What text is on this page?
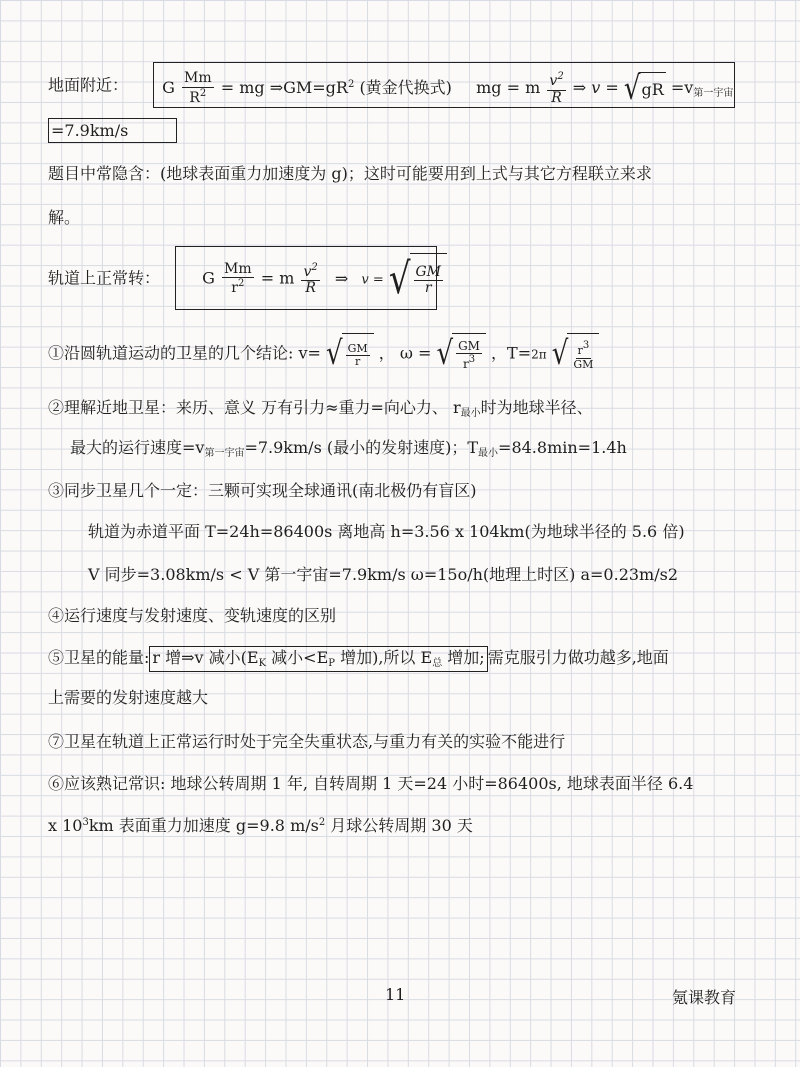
地面附近： G $\frac{Mm}{R^2}$ = mg $\Rightarrow GM=gR^2$ (黄金代换式) mg = m $\frac{v^2}{R}$ ⇒ v = √ gR $=v_{第一宇宙}$
=7.9km/s
题目中常隐含：(地球表面重力加速度为 g)；这时可能要用到上式与其它方程联立来求
解。
轨道上正常转：	G $\frac{Mm}{r^2} = m \frac{v^2}{R}$ ⇒ v = √ $\frac{GM}{r}$
①沿圆轨道运动的卫星的几个结论: v= √ $\frac{GM}{r}$ ， ω = √ $\frac{GM}{r^3}$ ，T=2π √ $\frac{r3}{GM}$
②理解近地卫星：来历、意义 万有引力≈重力=向心力、 $r_{最小}$时为地球半径、
最大的运行速度$=v_{第一宇宙}=7.9km/s$ (最小的发射速度)；$T_{最小}=84.8\min=1.4h$
③同步卫星几个一定：三颗可实现全球通讯(南北极仍有盲区)
轨道为赤道平面 T=24h=86400s 离地高 h=3.56 x 104km(为地球半径的 5.6 倍)
V 同步=3.08km/s < V 第一宇宙=7.9km/s ω=15o/h(地理上时区) a=0.23m/s2
④运行速度与发射速度、变轨速度的区别
⑤卫星的能量: r 增⇒v 减小($E_K$ 减小$<E_P$ 增加),所以 $E_总$ 增加; 需克服引力做功越多,地面
上需要的发射速度越大
⑦卫星在轨道上正常运行时处于完全失重状态,与重力有关的实验不能进行
⑥应该熟记常识: 地球公转周期 1 年, 自转周期 1 天=24 小时=86400s, 地球表面半径 6.4
x $10^3km$ 表面重力加速度 g=9.8 $m/s^2$ 月球公转周期 30 天
11	氪课教育
